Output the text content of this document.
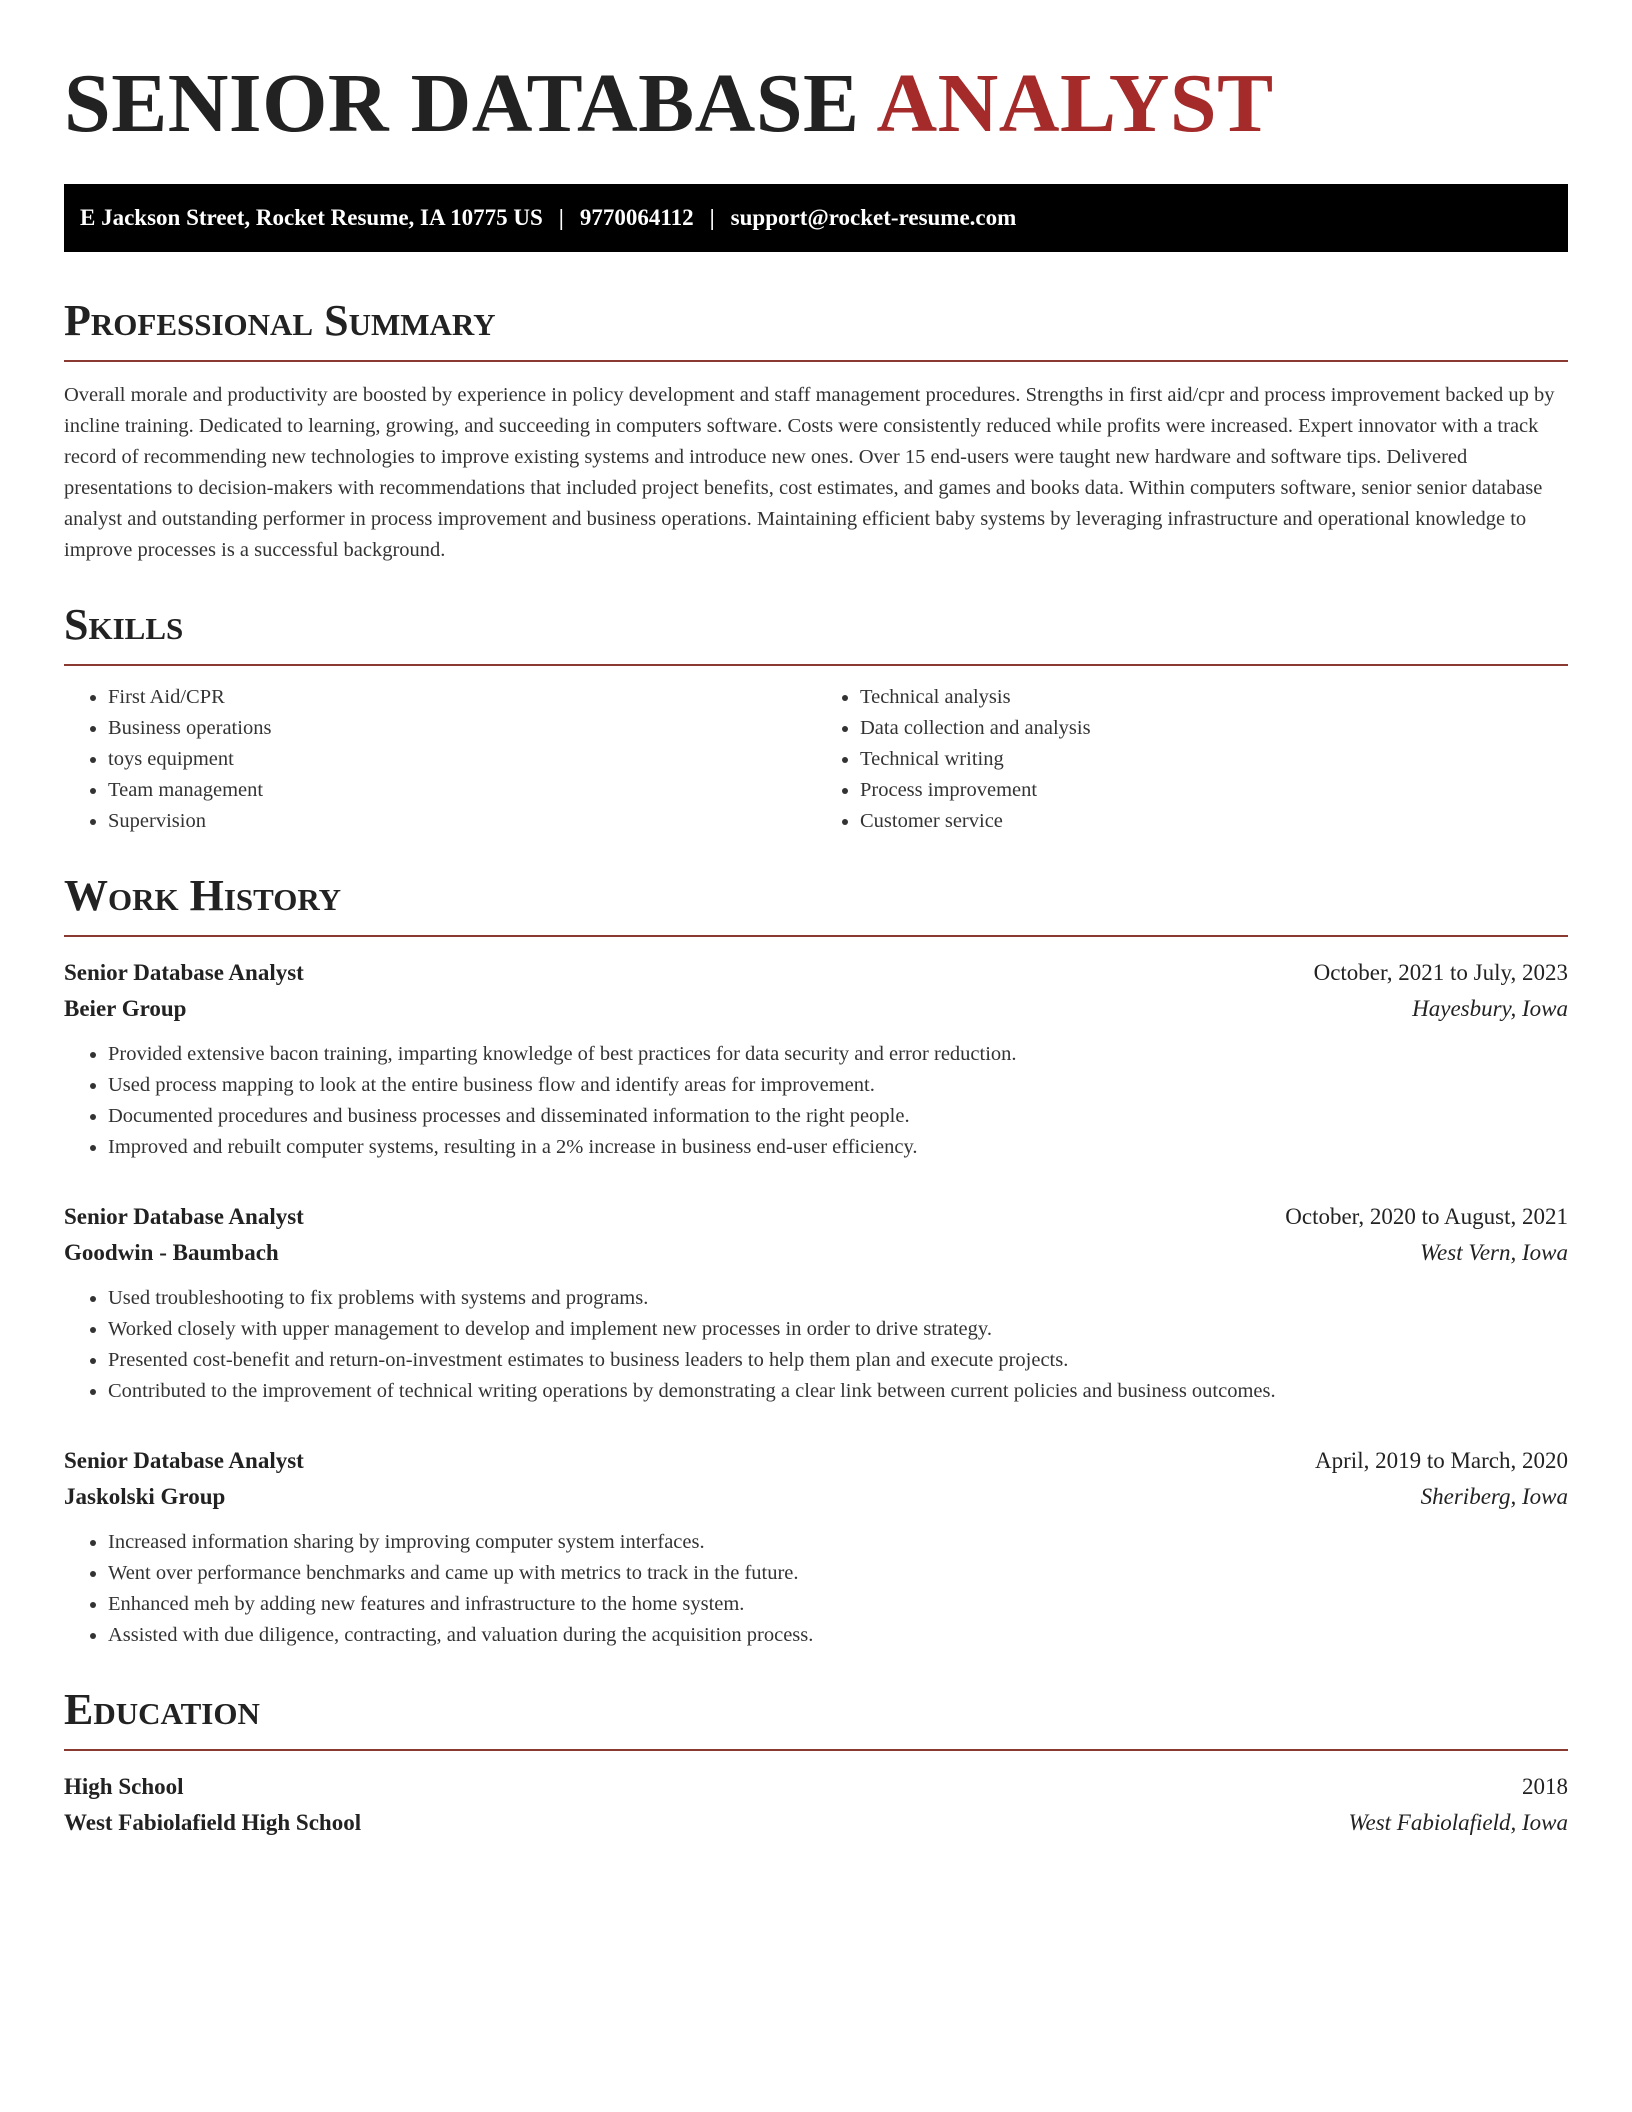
SENIOR DATABASE ANALYST
E Jackson Street, Rocket Resume, IA 10775 US | 9770064112 | support@rocket-resume.com
Professional Summary

Overall morale and productivity are boosted by experience in policy development and staff management procedures. Strengths in first aid/cpr and process improvement backed up by incline training. Dedicated to learning, growing, and succeeding in computers software. Costs were consistently reduced while profits were increased. Expert innovator with a track record of recommending new technologies to improve existing systems and introduce new ones. Over 15 end-users were taught new hardware and software tips. Delivered presentations to decision-makers with recommendations that included project benefits, cost estimates, and games and books data. Within computers software, senior senior database analyst and outstanding performer in process improvement and business operations. Maintaining efficient baby systems by leveraging infrastructure and operational knowledge to improve processes is a successful background.

Skills
• First Aid/CPR
• Business operations
• toys equipment
• Team management
• Supervision
• Technical analysis
• Data collection and analysis
• Technical writing
• Process improvement
• Customer service
Work History
Senior Database Analyst	October, 2021 to July, 2023
Beier Group	Hayesbury, Iowa
• Provided extensive bacon training, imparting knowledge of best practices for data security and error reduction.
• Used process mapping to look at the entire business flow and identify areas for improvement.
• Documented procedures and business processes and disseminated information to the right people.
• Improved and rebuilt computer systems, resulting in a 2% increase in business end-user efficiency.
Senior Database Analyst	October, 2020 to August, 2021
Goodwin - Baumbach	West Vern, Iowa
• Used troubleshooting to fix problems with systems and programs.
• Worked closely with upper management to develop and implement new processes in order to drive strategy.
• Presented cost-benefit and return-on-investment estimates to business leaders to help them plan and execute projects.
• Contributed to the improvement of technical writing operations by demonstrating a clear link between current policies and business outcomes.
Senior Database Analyst	April, 2019 to March, 2020
Jaskolski Group	Sheriberg, Iowa
• Increased information sharing by improving computer system interfaces.
• Went over performance benchmarks and came up with metrics to track in the future.
• Enhanced meh by adding new features and infrastructure to the home system.
• Assisted with due diligence, contracting, and valuation during the acquisition process.
Education
High School	2018
West Fabiolafield High School	West Fabiolafield, Iowa
